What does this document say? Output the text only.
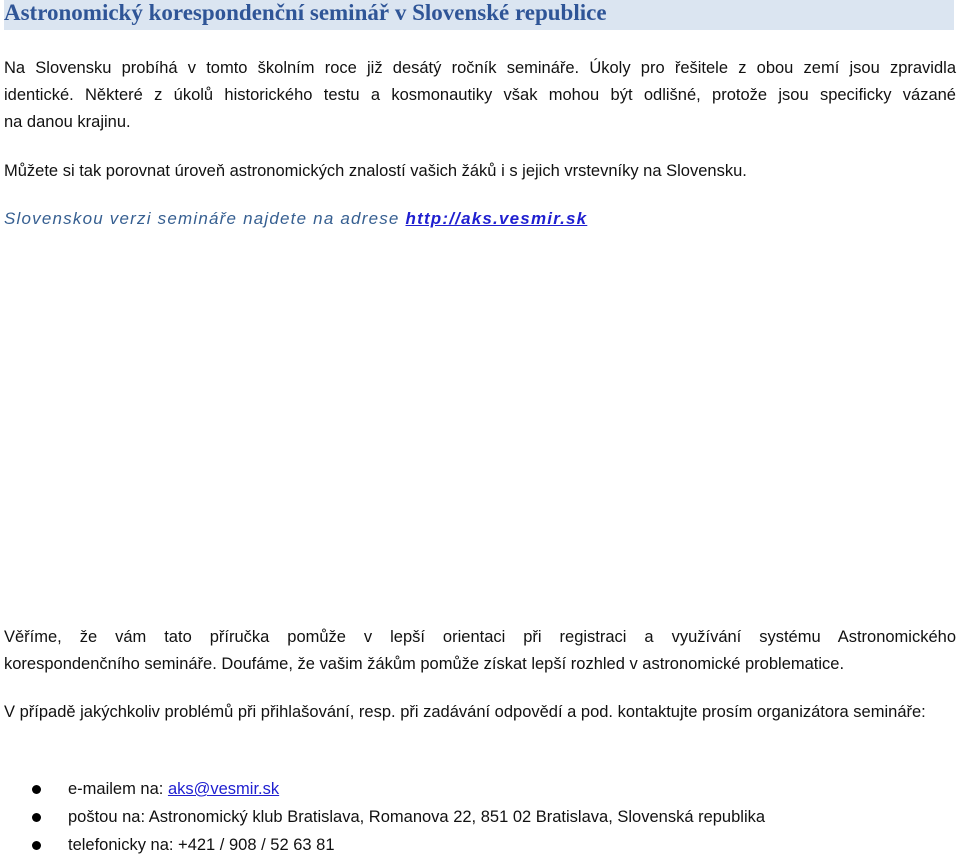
Astronomický korespondenční seminář v Slovenské republice

Na Slovensku probíhá v tomto školním roce již desátý ročník semináře. Úkoly pro řešitele z obou zemí jsou zpravidla
identické. Některé z úkolů historického testu a kosmonautiky však mohou být odlišné, protože jsou specificky vázané
na danou krajinu.

Můžete si tak porovnat úroveň astronomických znalostí vašich žáků i s jejich vrstevníky na Slovensku.

Slovenskou verzi semináře najdete na adrese http://aks.vesmir.sk

Věříme, že vám tato příručka pomůže v lepší orientaci při registraci a využívání systému Astronomického
korespondenčního semináře. Doufáme, že vašim žákům pomůže získat lepší rozhled v astronomické problematice.

V případě jakýchkoliv problémů při přihlašování, resp. při zadávání odpovědí a pod. kontaktujte prosím organizátora semináře:

e-mailem na: aks@vesmir.sk
poštou na: Astronomický klub Bratislava, Romanova 22, 851 02 Bratislava, Slovenská republika
telefonicky na: +421 / 908 / 52 63 81
